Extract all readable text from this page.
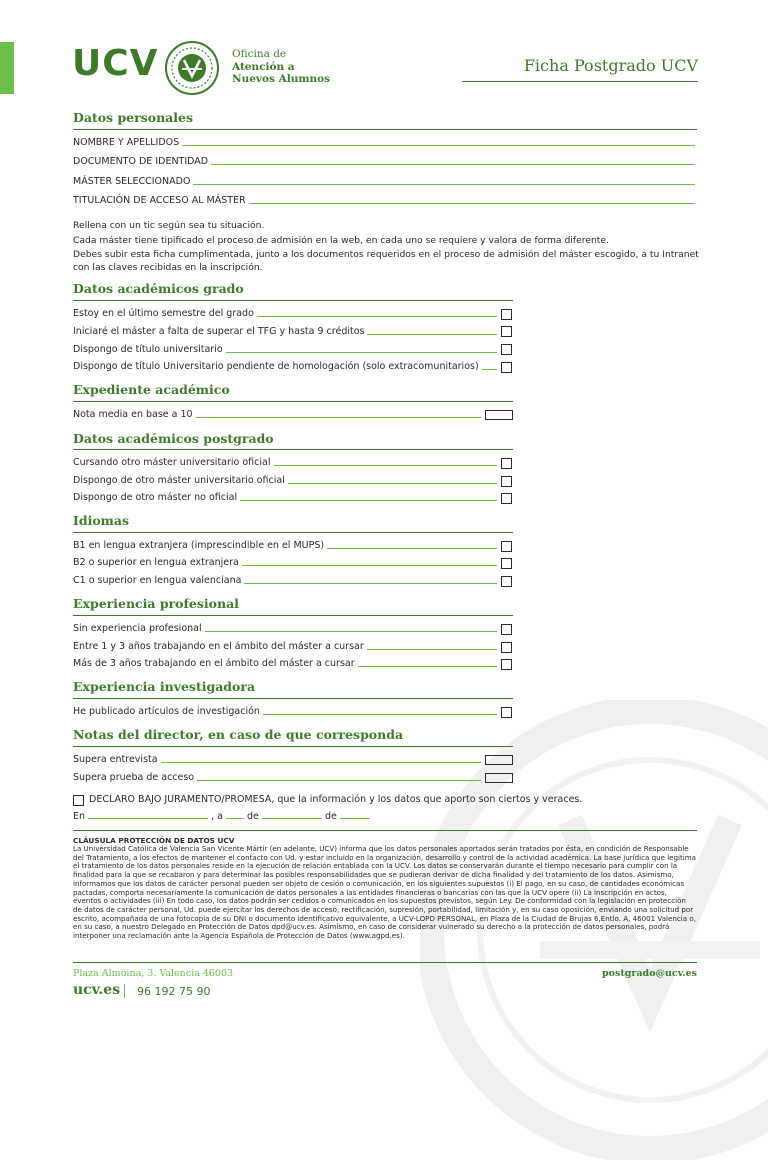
UCV	Oficina de
Atención a
Nuevos Alumnos
Ficha Postgrado UCV
Datos personales
NOMBRE Y APELLIDOS
DOCUMENTO DE IDENTIDAD
MÁSTER SELECCIONADO
TITULACIÓN DE ACCESO AL MÁSTER
Rellena con un tic según sea tu situación.
Cada máster tiene tipificado el proceso de admisión en la web, en cada uno se requiere y valora de forma diferente.
Debes subir esta ficha cumplimentada, junto a los documentos requeridos en el proceso de admisión del máster escogido, a tu Intranet con las claves recibidas en la inscripción.
Datos académicos grado
Estoy en el último semestre del grado
Iniciaré el máster a falta de superar el TFG y hasta 9 créditos
Dispongo de título universitario
Dispongo de título Universitario pendiente de homologación (solo extracomunitarios)
Expediente académico
Nota media en base a 10
Datos académicos postgrado
Cursando otro máster universitario oficial
Dispongo de otro máster universitario oficial
Dispongo de otro máster no oficial
Idiomas
B1 en lengua extranjera (imprescindible en el MUPS)
B2 o superior en lengua extranjera
C1 o superior en lengua valenciana
Experiencia profesional
Sin experiencia profesional
Entre 1 y 3 años trabajando en el ámbito del máster a cursar
Más de 3 años trabajando en el ámbito del máster a cursar
Experiencia investigadora
He publicado artículos de investigación
Notas del director, en caso de que corresponda
Supera entrevista
Supera prueba de acceso
DECLARO BAJO JURAMENTO/PROMESA, que la información y los datos que aporto son ciertos y veraces.
En	, a	de	de
CLÁUSULA PROTECCIÓN DE DATOS UCV
La Universidad Católica de Valencia San Vicente Mártir (en adelante, UCV) informa que los datos personales aportados serán tratados por ésta, en condición de Responsable del Tratamiento, a los efectos de mantener el contacto con Ud. y estar incluido en la organización, desarrollo y control de la actividad académica. La base jurídica que legitima el tratamiento de los datos personales reside en la ejecución de relación entablada con la UCV. Los datos se conservarán durante el tiempo necesario para cumplir con la finalidad para la que se recabaron y para determinar las posibles responsabilidades que se pudieran derivar de dicha finalidad y del tratamiento de los datos. Asimismo, informamos que los datos de carácter personal pueden ser objeto de cesión o comunicación, en los siguientes supuestos (i) El pago, en su caso, de cantidades económicas pactadas, comporta necesariamente la comunicación de datos personales a las entidades financieras o bancarias con las que la UCV opere (ii) La inscripción en actos, eventos o actividades (iii) En todo caso, los datos podrán ser cedidos o comunicados en los supuestos previstos, según Ley. De conformidad con la legislación en protección de datos de carácter personal, Ud. puede ejercitar los derechos de acceso, rectificación, supresión, portabilidad, limitación y, en su caso oposición, enviando una solicitud por escrito, acompañada de una fotocopia de su DNI o documento identificativo equivalente, a UCV-LOPD PERSONAL, en Plaza de la Ciudad de Brujas 6,Entlo. A, 46001 Valencia o, en su caso, a nuestro Delegado en Protección de Datos dpd@ucv.es. Asimismo, en caso de considerar vulnerado su derecho a la protección de datos personales, podrá interponer una reclamación ante la Agencia Española de Protección de Datos (www.agpd.es).
Plaza Almoina, 3. Valencia 46003	postgrado@ucv.es
ucv.es 96 192 75 90
